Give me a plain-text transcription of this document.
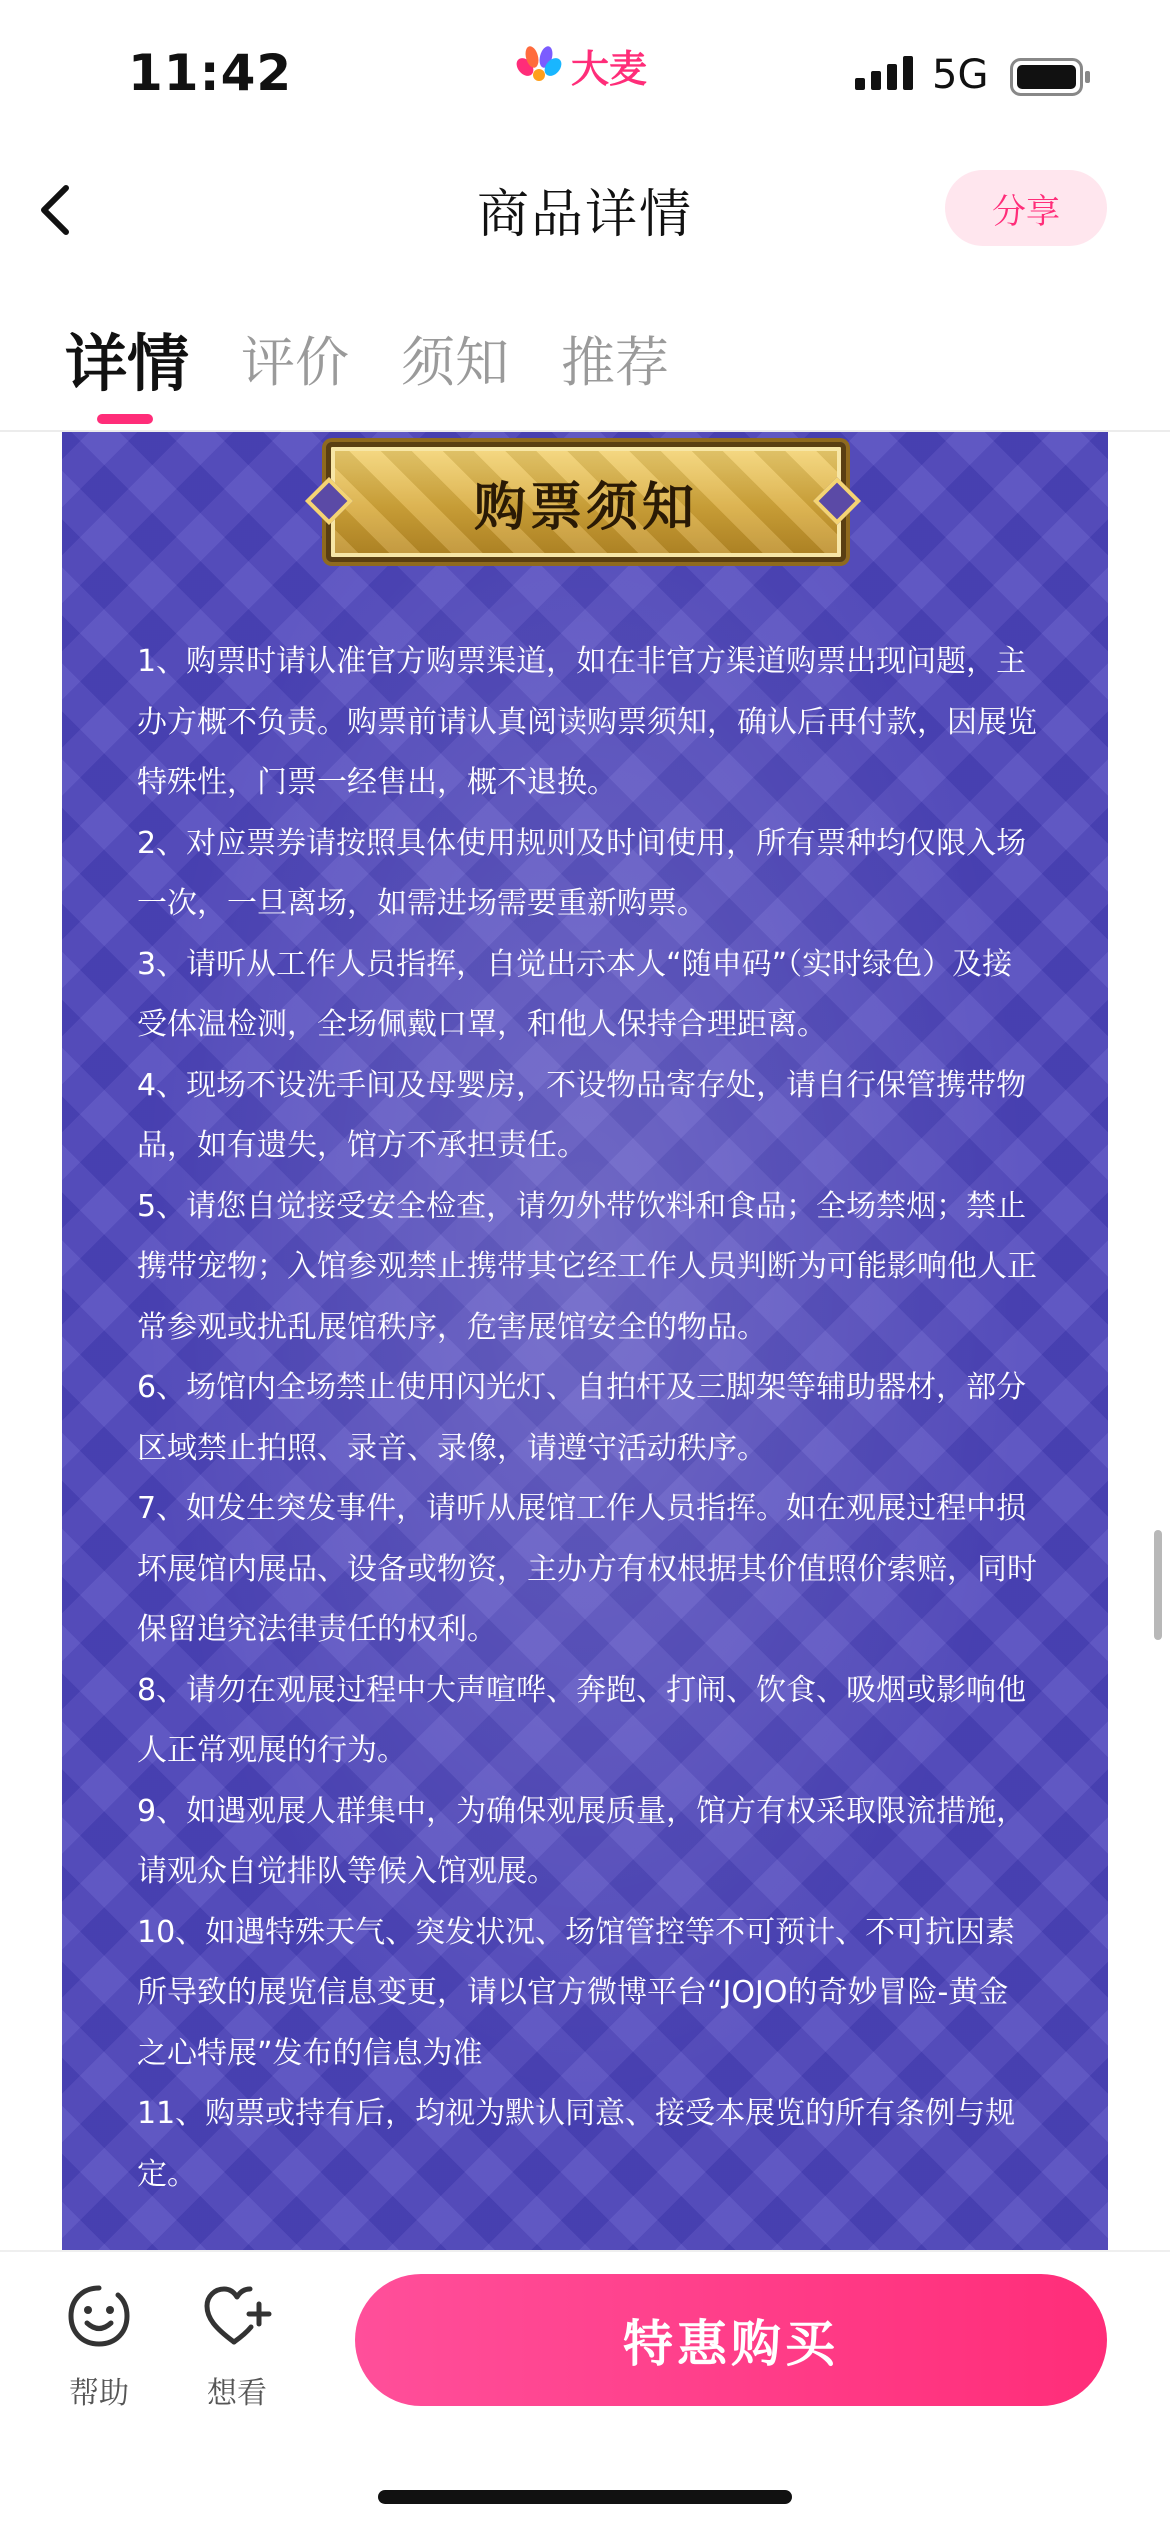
11:42	大麦	5G
商品详情	分享
详情 评价 须知 推荐
购票须知
1、购票时请认准官方购票渠道，如在非官方渠道购票出现问题，主办方概不负责。购票前请认真阅读购票须知，确认后再付款，因展览特殊性，门票一经售出，概不退换。
2、对应票券请按照具体使用规则及时间使用，所有票种均仅限入场一次，一旦离场，如需进场需要重新购票。
3、请听从工作人员指挥，自觉出示本人“随申码”（实时绿色）及接受体温检测，全场佩戴口罩，和他人保持合理距离。
4、现场不设洗手间及母婴房，不设物品寄存处，请自行保管携带物品，如有遗失，馆方不承担责任。
5、请您自觉接受安全检查，请勿外带饮料和食品；全场禁烟；禁止携带宠物；入馆参观禁止携带其它经工作人员判断为可能影响他人正常参观或扰乱展馆秩序，危害展馆安全的物品。
6、场馆内全场禁止使用闪光灯、自拍杆及三脚架等辅助器材，部分区域禁止拍照、录音、录像，请遵守活动秩序。
7、如发生突发事件，请听从展馆工作人员指挥。如在观展过程中损坏展馆内展品、设备或物资，主办方有权根据其价值照价索赔，同时保留追究法律责任的权利。
8、请勿在观展过程中大声喧哗、奔跑、打闹、饮食、吸烟或影响他人正常观展的行为。
9、如遇观展人群集中，为确保观展质量，馆方有权采取限流措施，请观众自觉排队等候入馆观展。
10、如遇特殊天气、突发状况、场馆管控等不可预计、不可抗因素所导致的展览信息变更，请以官方微博平台“JOJO的奇妙冒险-黄金之心特展”发布的信息为准
11、购票或持有后，均视为默认同意、接受本展览的所有条例与规定。
帮助	想看
特惠购买
